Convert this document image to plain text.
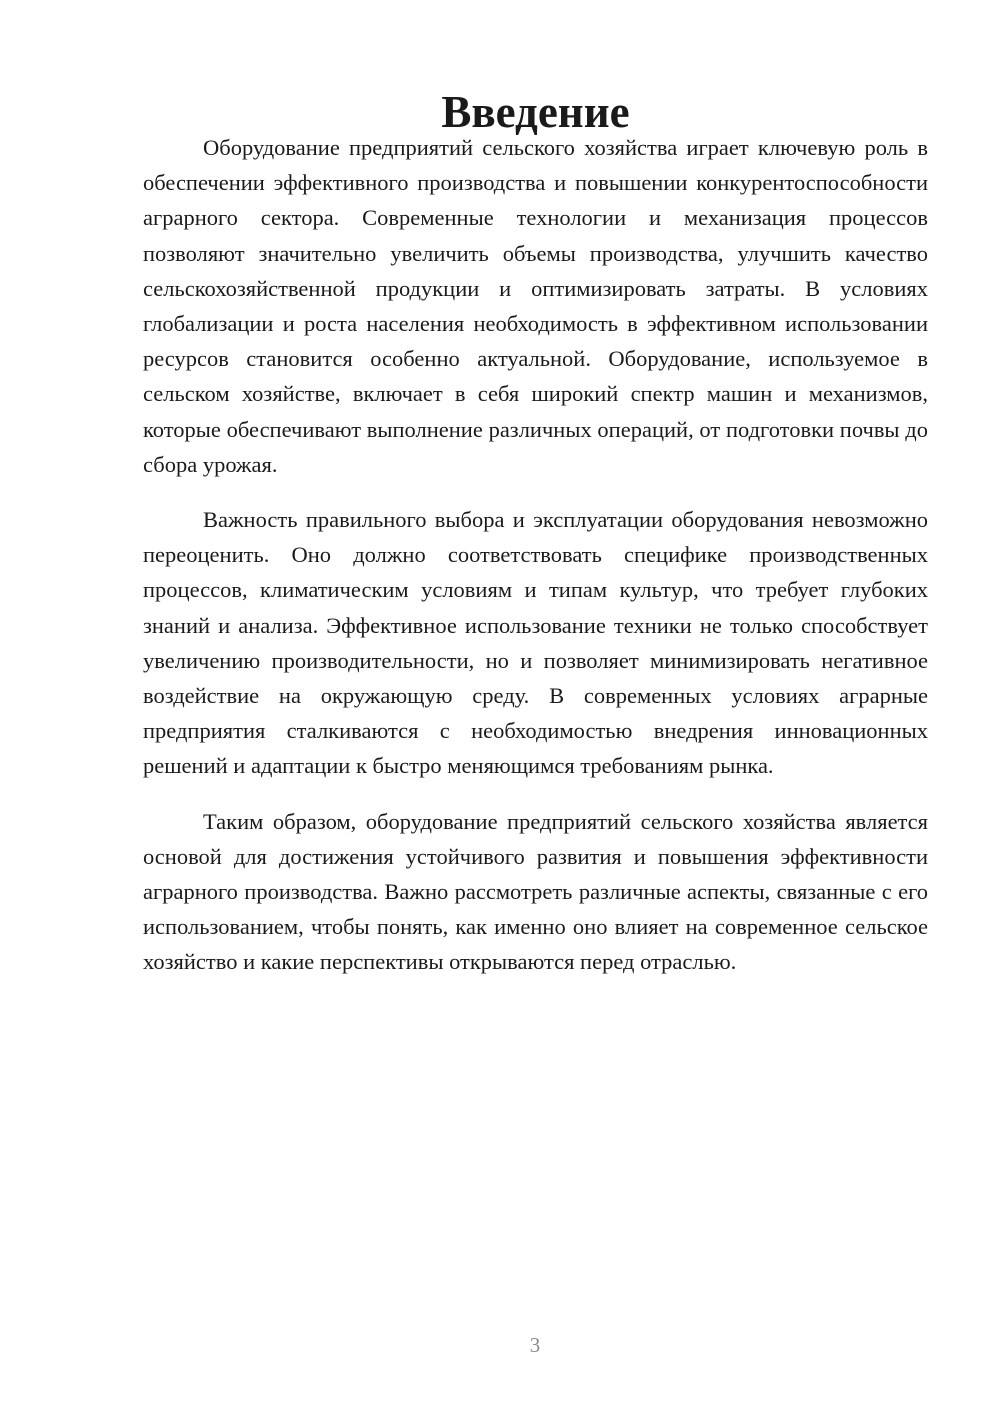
Введение

Оборудование предприятий сельского хозяйства играет ключевую роль в обеспечении эффективного производства и повышении конкурентоспособности аграрного сектора. Современные технологии и механизация процессов позволяют значительно увеличить объемы производства, улучшить качество сельскохозяйственной продукции и оптимизировать затраты. В условиях глобализации и роста населения необходимость в эффективном использовании ресурсов становится особенно актуальной. Оборудование, используемое в сельском хозяйстве, включает в себя широкий спектр машин и механизмов, которые обеспечивают выполнение различных операций, от подготовки почвы до сбора урожая.

Важность правильного выбора и эксплуатации оборудования невозможно переоценить. Оно должно соответствовать специфике производственных процессов, климатическим условиям и типам культур, что требует глубоких знаний и анализа. Эффективное использование техники не только способствует увеличению производительности, но и позволяет минимизировать негативное воздействие на окружающую среду. В современных условиях аграрные предприятия сталкиваются с необходимостью внедрения инновационных решений и адаптации к быстро меняющимся требованиям рынка.

Таким образом, оборудование предприятий сельского хозяйства является основой для достижения устойчивого развития и повышения эффективности аграрного производства. Важно рассмотреть различные аспекты, связанные с его использованием, чтобы понять, как именно оно влияет на современное сельское хозяйство и какие перспективы открываются перед отраслью.

3
